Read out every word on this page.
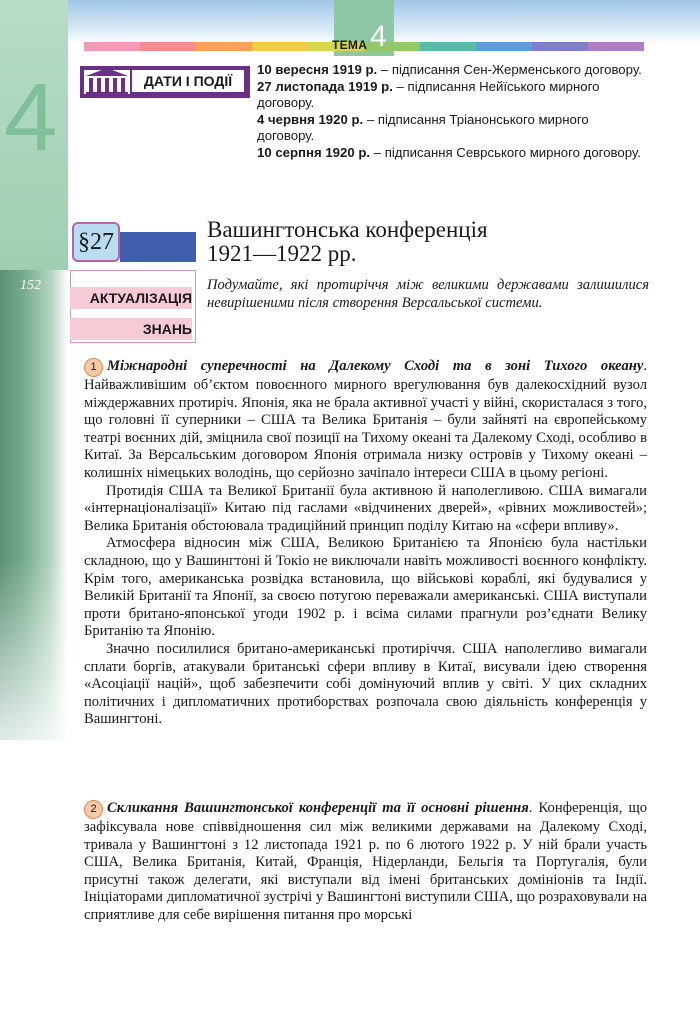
4
ТЕМА 4
152
ДАТИ І ПОДІЇ
10 вересня 1919 р. – підписання Сен-Жерменського договору.
27 листопада 1919 р. – підписання Нейїського мирного договору.
4 червня 1920 р. – підписання Тріанонського мирного договору.
10 серпня 1920 р. – підписання Севрського мирного договору.
§27	Вашингтонська конференція
1921—1922 рр.
АКТУАЛІЗАЦІЯ
ЗНАНЬ
Подумайте, які протиріччя між великими державами залишилися невирішеними після створення Версальської системи.

1 Міжнародні суперечності на Далекому Сході та в зоні Тихого океану. Найважливішим об’єктом повоєнного мирного врегулювання був далекосхідний вузол міждержавних протиріч. Японія, яка не брала активної участі у війні, скористалася з того, що головні її суперники – США та Велика Британія – були зайняті на європейському театрі воєнних дій, зміцнила свої позиції на Тихому океані та Далекому Сході, особливо в Китаї. За Версальським договором Японія отримала низку островів у Тихому океані – колишніх німецьких володінь, що серйозно зачіпало інтереси США в цьому регіоні.

Протидія США та Великої Британії була активною й наполегливою. США вимагали «інтернаціоналізації» Китаю під гаслами «відчинених дверей», «рівних можливостей»; Велика Британія обстоювала традиційний принцип поділу Китаю на «сфери впливу».

Атмосфера відносин між США, Великою Британією та Японією була настільки складною, що у Вашингтоні й Токіо не виключали навіть можливості воєнного конфлікту. Крім того, американська розвідка встановила, що військові кораблі, які будувалися у Великій Британії та Японії, за своєю потугою переважали американські. США виступали проти британо-японської угоди 1902 р. і всіма силами прагнули роз’єднати Велику Британію та Японію.

Значно посилилися британо-американські протиріччя. США наполегливо вимагали сплати боргів, атакували британські сфери впливу в Китаї, висували ідею створення «Асоціації націй», щоб забезпечити собі домінуючий вплив у світі. У цих складних політичних і дипломатичних протиборствах розпочала свою діяльність конференція у Вашингтоні.

2 Скликання Вашингтонської конференції та її основні рішення. Конференція, що зафіксувала нове співвідношення сил між великими державами на Далекому Сході, тривала у Вашингтоні з 12 листопада 1921 р. по 6 лютого 1922 р. У ній брали участь США, Велика Британія, Китай, Франція, Нідерланди, Бельгія та Португалія, були присутні також делегати, які виступали від імені британських домініонів та Індії. Ініціаторами дипломатичної зустрічі у Вашингтоні виступили США, що розраховували на сприятливе для себе вирішення питання про морські
